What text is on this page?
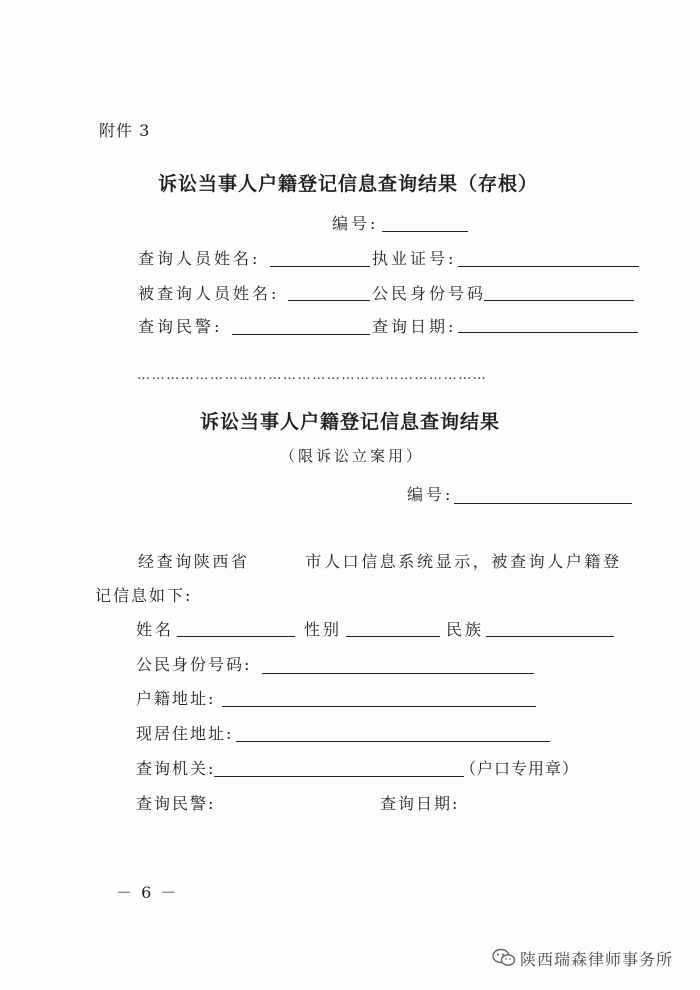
附件 3
诉讼当事人户籍登记信息查询结果（存根）
编号:
查询人员姓名:	执业证号:
被查询人员姓名:	公民身份号码
查询民警:	查询日期:
………………………………………………………………
诉讼当事人户籍登记信息查询结果
（限诉讼立案用）
编号:
经查询陕西省　　　市人口信息系统显示，被查询人户籍登
记信息如下:
姓名	性别	民族
公民身份号码:
户籍地址:
现居住地址:
查询机关:	（户口专用章）
查询民警:	查询日期:
－ 6 －
陕西瑞森律师事务所
